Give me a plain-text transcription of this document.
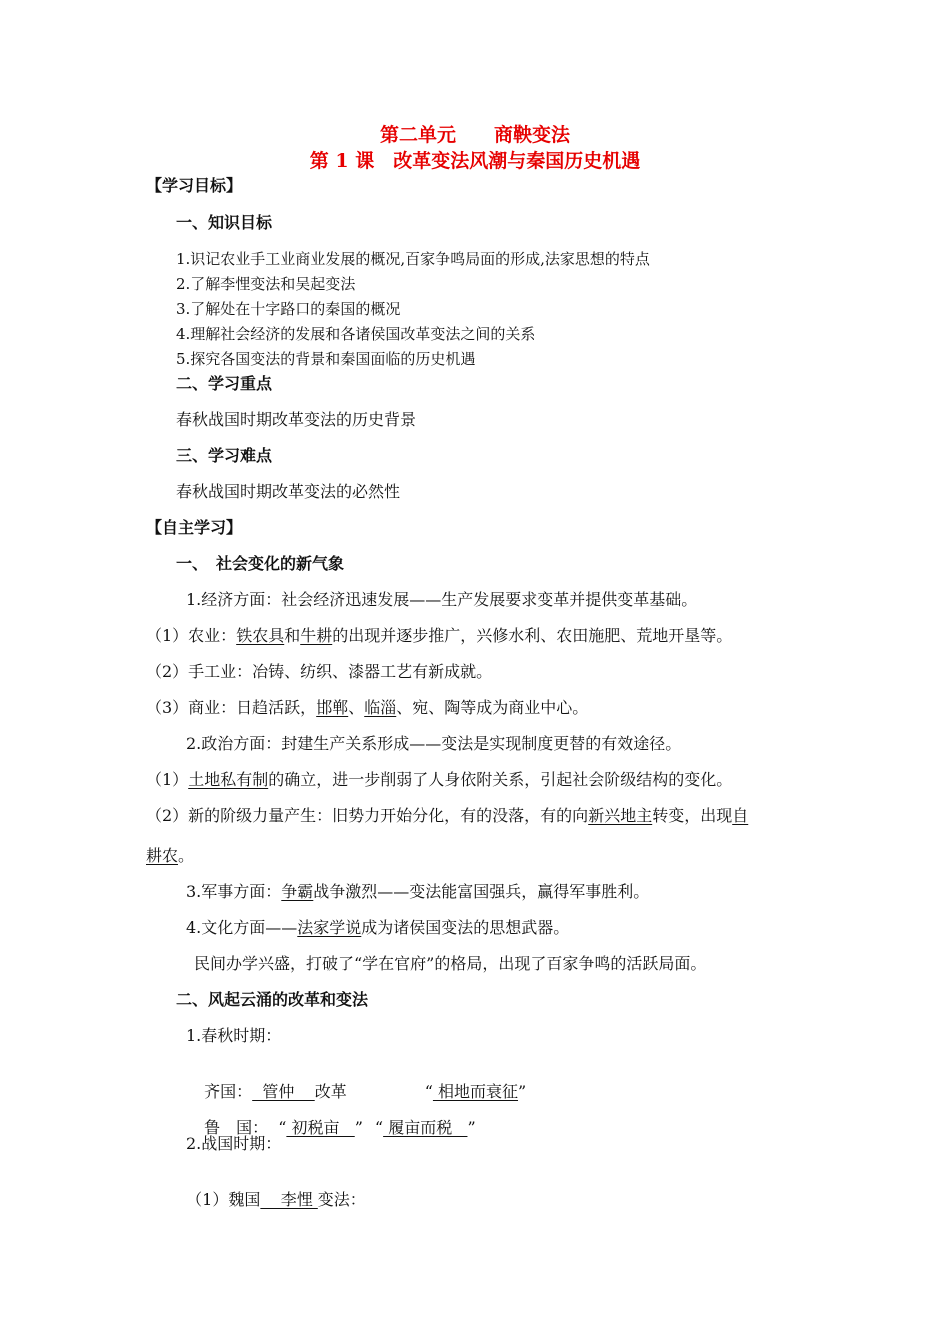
第二单元　　商鞅变法
第 1 课　改革变法风潮与秦国历史机遇
【学习目标】
一、知识目标
1.识记农业手工业商业发展的概况,百家争鸣局面的形成,法家思想的特点
2.了解李悝变法和吴起变法
3.了解处在十字路口的秦国的概况
4.理解社会经济的发展和各诸侯国改革变法之间的关系
5.探究各国变法的背景和秦国面临的历史机遇
二、学习重点
春秋战国时期改革变法的历史背景
三、学习难点
春秋战国时期改革变法的必然性
【自主学习】
一、　社会变化的新气象
1.经济方面：社会经济迅速发展——生产发展要求变革并提供变革基础。
（1）农业：铁农具和牛耕的出现并逐步推广，兴修水利、农田施肥、荒地开垦等。
（2）手工业：冶铸、纺织、漆器工艺有新成就。
（3）商业：日趋活跃，邯郸、临淄、宛、陶等成为商业中心。
2.政治方面：封建生产关系形成——变法是实现制度更替的有效途径。
（1）土地私有制的确立，进一步削弱了人身依附关系，引起社会阶级结构的变化。
（2）新的阶级力量产生：旧势力开始分化，有的没落，有的向新兴地主转变，出现自
耕农。
3.军事方面：争霸战争激烈——变法能富国强兵，赢得军事胜利。
4.文化方面——法家学说成为诸侯国变法的思想武器。
民间办学兴盛，打破了“学在官府”的格局，出现了百家争鸣的活跃局面。
二、风起云涌的改革和变法
1.春秋时期：

齐国：  管仲    改革	“ 相地而衰征”

鲁　国： “ 初税亩   ” “ 履亩而税   ”

2.战国时期：

（1）魏国    李悝 变法：
